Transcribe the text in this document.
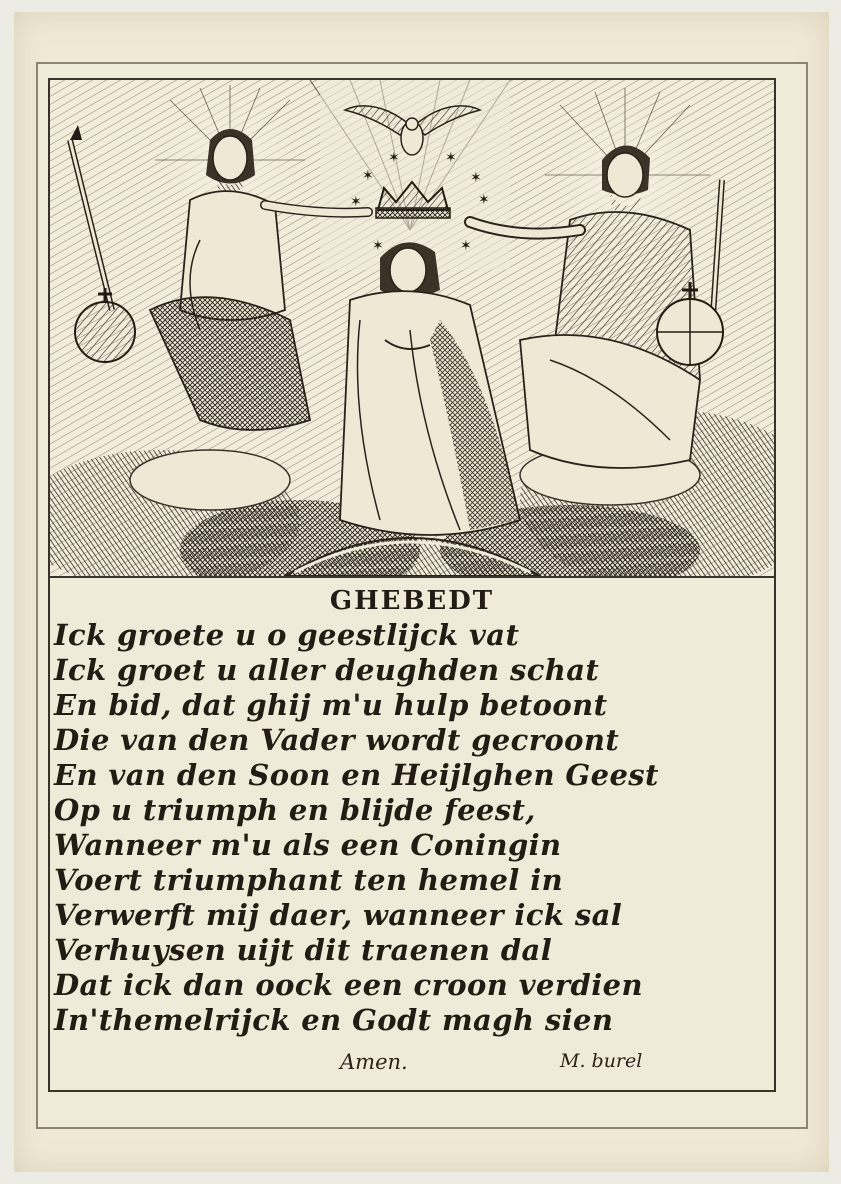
✶
✶	✶
✶
✶	✶
✶	✶
GHEBEDT
Ick groete u o geestlijck vat
Ick groet u aller deughden schat
En bid, dat ghij m'u hulp betoont
Die van den Vader wordt gecroont
En van den Soon en Heijlghen Geest
Op u triumph en blijde feest,
Wanneer m'u als een Coningin
Voert triumphant ten hemel in
Verwerft mij daer, wanneer ick sal
Verhuysen uijt dit traenen dal
Dat ick dan oock een croon verdien
In'themelrijck en Godt magh sien
Amen.	M. burel
